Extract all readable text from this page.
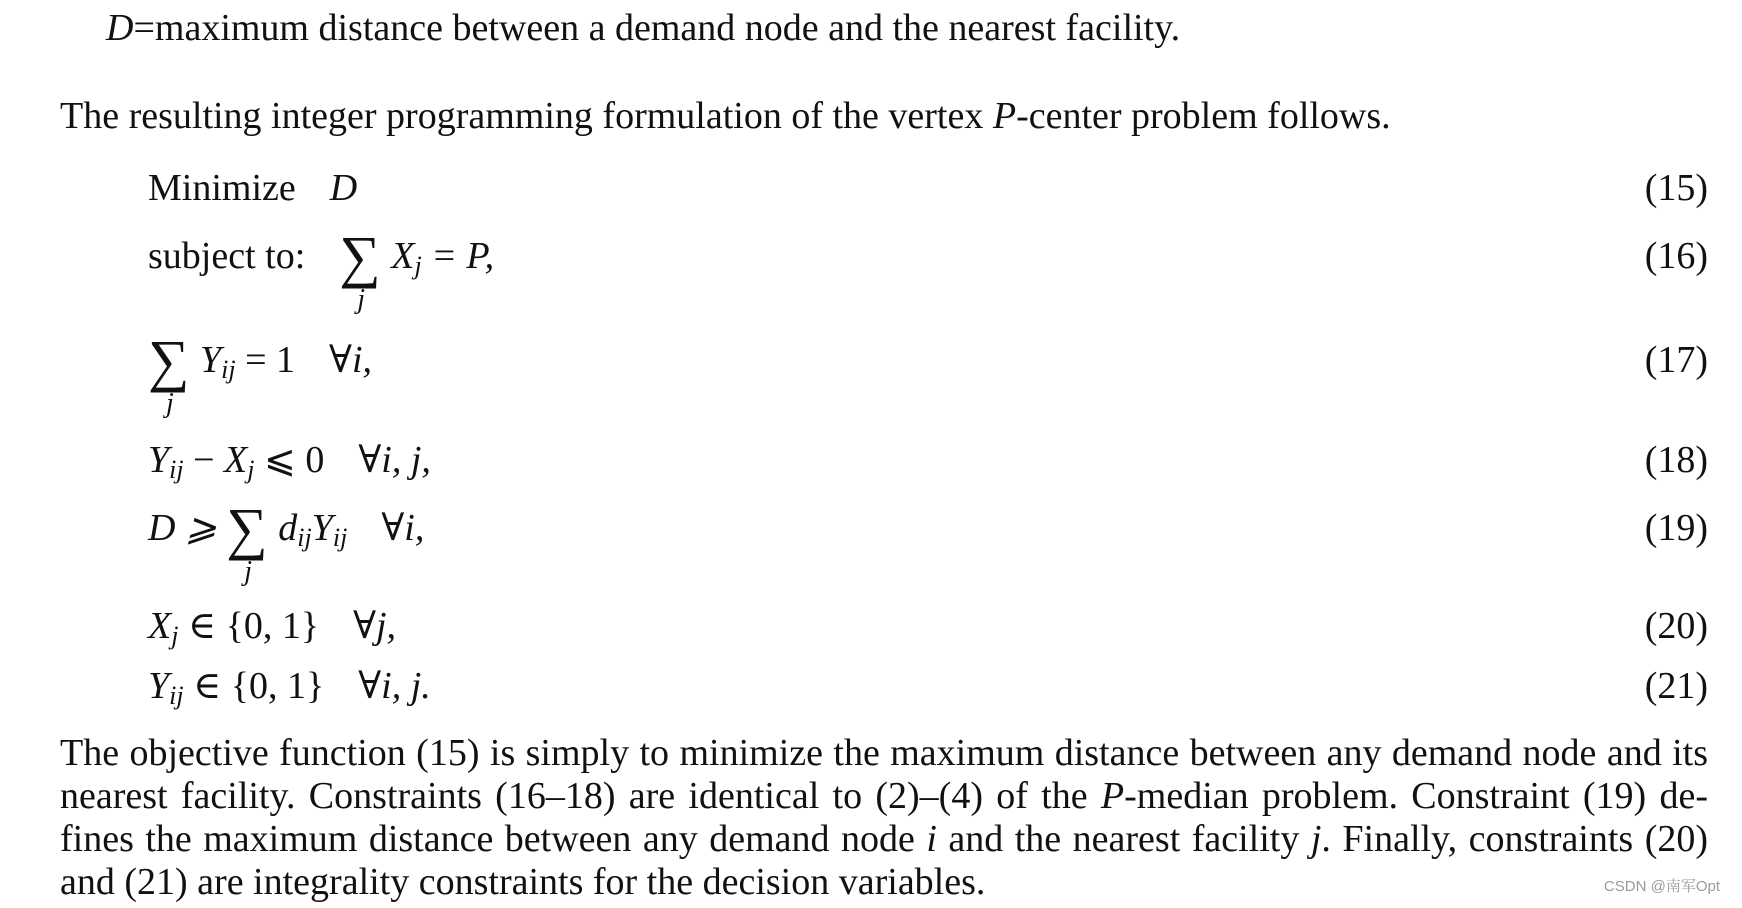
D=maximum distance between a demand node and the nearest facility.
The resulting integer programming formulation of the vertex P-center problem follows.
Minimize D	(15)
subject to: ∑
j
$X_j = P$,	(16)
∑
j
$Y_{ij} = 1$ ∀i,	(17)
$Y_{ij} - X_j$ ⩽ 0 ∀i, j,	(18)
D ⩾ ∑
j
$d_{ij}Y_{ij}$ ∀i,	(19)
$X_j$ ∈ {0, 1} ∀j,	(20)
$Y_{ij}$ ∈ {0, 1} ∀i, j.	(21)
The objective function (15) is simply to minimize the maximum distance between any demand node and its
nearest facility. Constraints (16–18) are identical to (2)–(4) of the P-median problem. Constraint (19) de-
fines the maximum distance between any demand node i and the nearest facility j. Finally, constraints (20)
and (21) are integrality constraints for the decision variables.	CSDN @南军Opt
